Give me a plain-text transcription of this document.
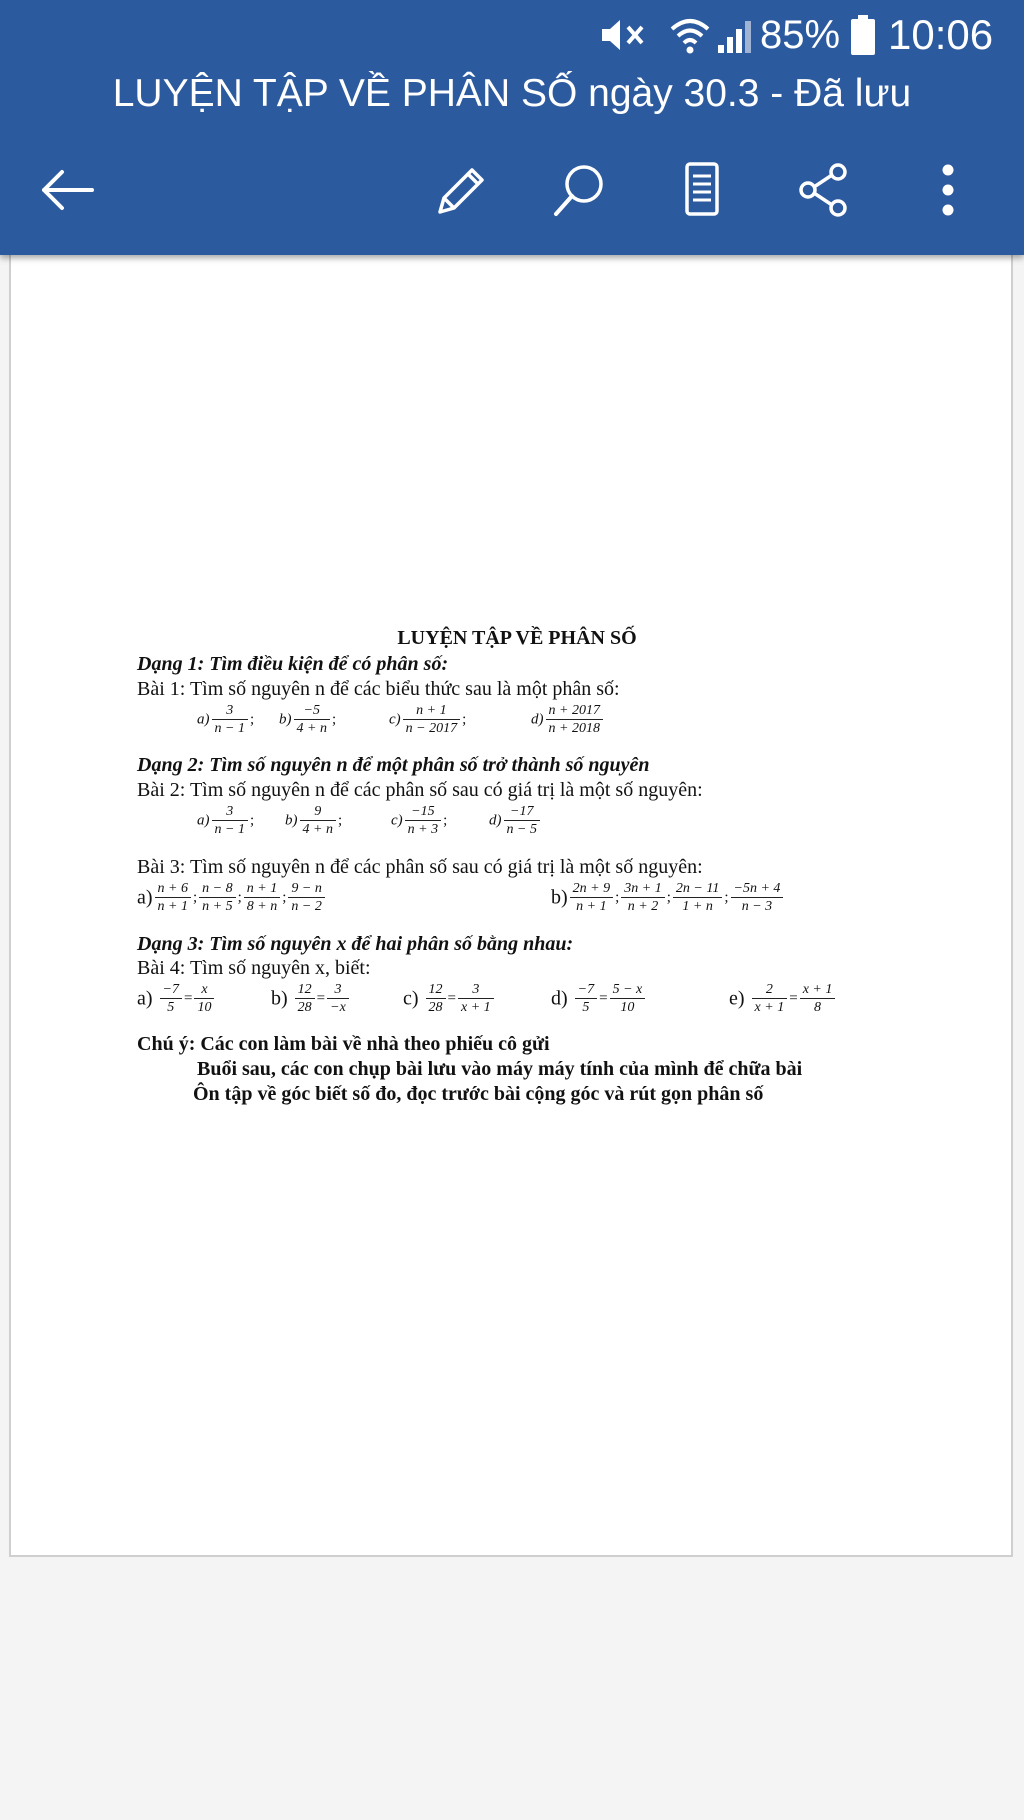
85% 10:06
LUYỆN TẬP VỀ PHÂN SỐ ngày 30.3 - Đã lưu
LUYỆN TẬP VỀ PHÂN SỐ
Dạng 1: Tìm điều kiện để có phân số:
Bài 1: Tìm số nguyên n để các biểu thức sau là một phân số:
$a) \frac{3}{n - 1}$ ; $b) \frac{-5}{4 + n}$ ;	$c) \frac{n + 1}{n - 2017}$ ;	$d) \frac{n + 2017}{n + 2018}$
Dạng 2: Tìm số nguyên n để một phân số trở thành số nguyên
Bài 2: Tìm số nguyên n để các phân số sau có giá trị là một số nguyên:
$a) \frac{3}{n - 1}$ ; $b) \frac{9}{4 + n}$ ;	$c) \frac{-15}{n + 3}$ ;	$d) \frac{-17}{n - 5}$
Bài 3: Tìm số nguyên n để các phân số sau có giá trị là một số nguyên:
$a) \frac{n + 6}{n + 1}$ ; $\frac{n - 8}{n + 5}$ ; $\frac{n + 1}{8 + n}$ ; $\frac{9 - n}{n - 2}$	$b) \frac{2n + 9}{n + 1}$ ; $\frac{3n + 1}{n + 2}$ ; $\frac{2n - 11}{1 + n}$ ; $\frac{-5n + 4}{n - 3}$
Dạng 3: Tìm số nguyên x để hai phân số bằng nhau:
Bài 4: Tìm số nguyên x, biết:
$a) \frac{-7}{5} = \frac{x}{10}$	$b) \frac{12}{28} = \frac{3}{-x}$	$c) \frac{12}{28} = \frac{3}{x + 1}$	$d) \frac{-7}{5} = \frac{5 - x}{10}$	$e) \frac{2}{x + 1} = \frac{x + 1}{8}$
Chú ý: Các con làm bài về nhà theo phiếu cô gửi
Buổi sau, các con chụp bài lưu vào máy máy tính của mình để chữa bài
Ôn tập về góc biết số đo, đọc trước bài cộng góc và rút gọn phân số
